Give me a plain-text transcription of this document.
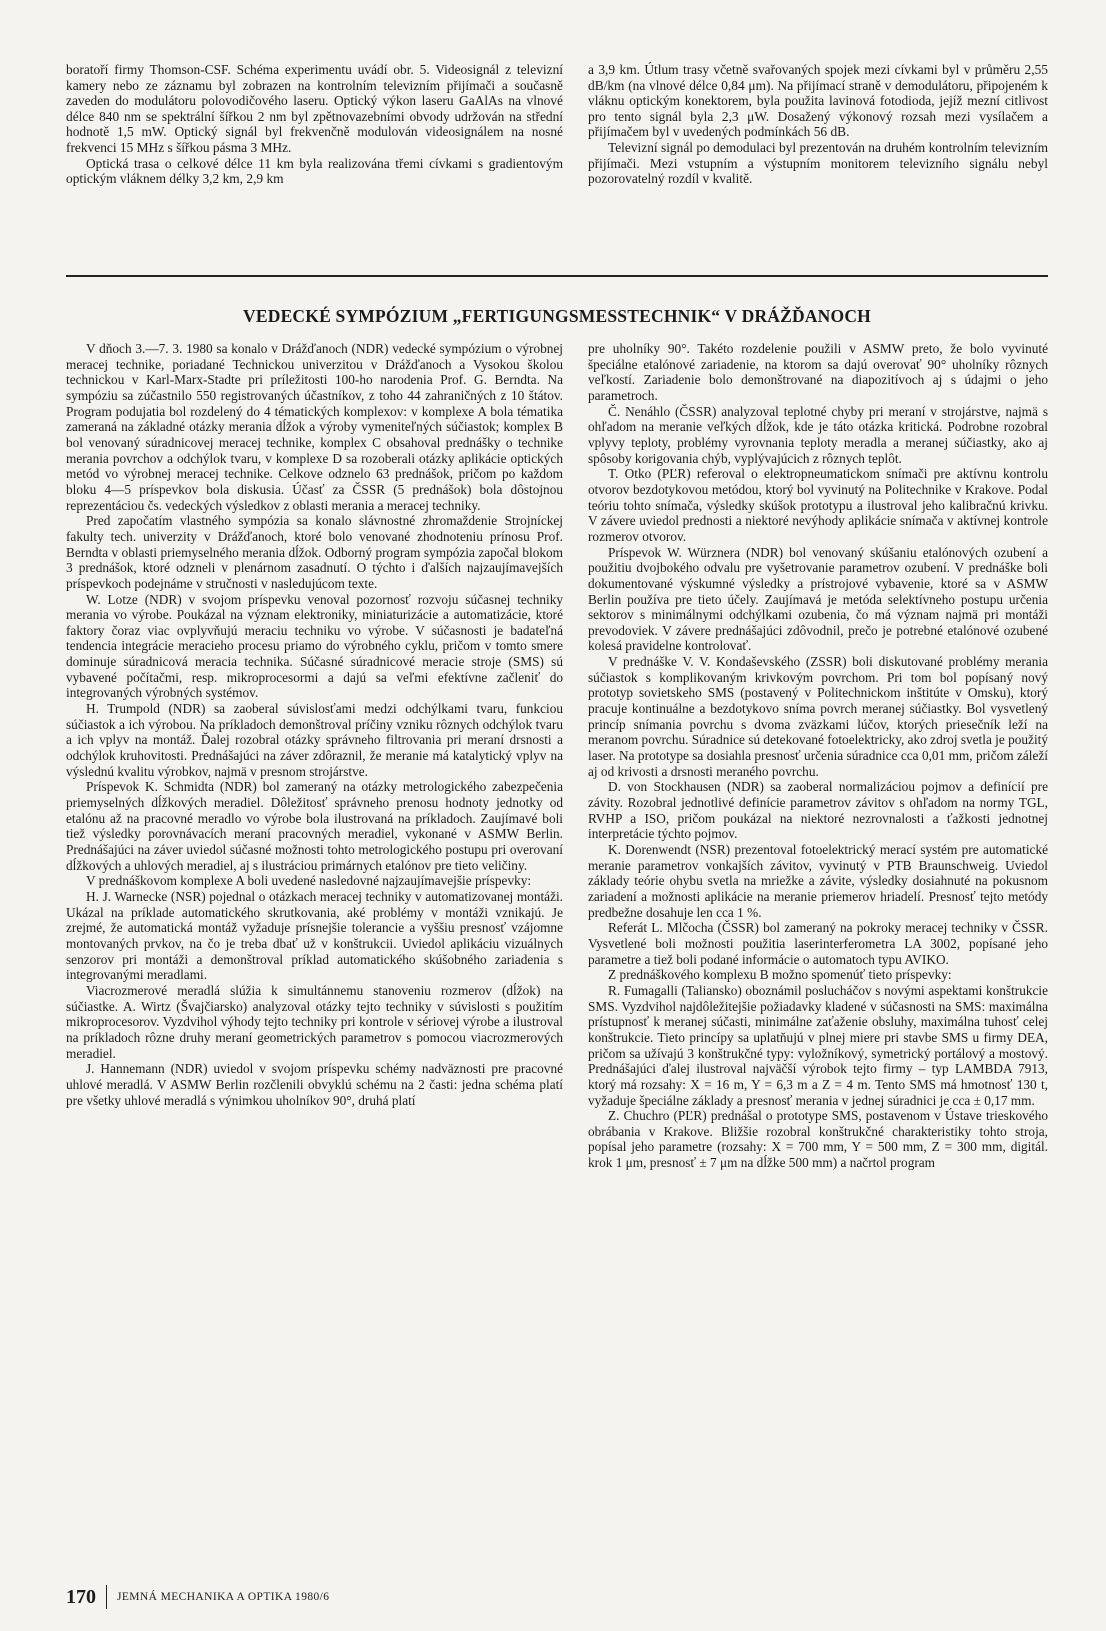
boratoří firmy Thomson-CSF. Schéma experimentu uvádí obr. 5. Videosignál z televizní kamery nebo ze záznamu byl zobrazen na kontrolním televizním přijímači a současně zaveden do modulátoru polovodičového laseru. Optický výkon laseru GaAlAs na vlnové délce 840 nm se spektrální šířkou 2 nm byl zpětnovazebními obvody udržován na střední hodnotě 1,5 mW. Optický signál byl frekvenčně modulován videosignálem na nosné frekvenci 15 MHz s šířkou pásma 3 MHz.

Optická trasa o celkové délce 11 km byla realizována třemi cívkami s gradientovým optickým vláknem délky 3,2 km, 2,9 km

a 3,9 km. Útlum trasy včetně svařovaných spojek mezi cívkami byl v průměru 2,55 dB/km (na vlnové délce 0,84 μm). Na přijímací straně v demodulátoru, připojeném k vláknu optickým konektorem, byla použita lavinová fotodioda, jejíž mezní citlivost pro tento signál byla 2,3 μW. Dosažený výkonový rozsah mezi vysílačem a přijímačem byl v uvedených podmínkách 56 dB.

Televizní signál po demodulaci byl prezentován na druhém kontrolním televizním přijímači. Mezi vstupním a výstupním monitorem televizního signálu nebyl pozorovatelný rozdíl v kvalitě.

VEDECKÉ SYMPÓZIUM „FERTIGUNGSMESSTECHNIK“ V DRÁŽĎANOCH

V dňoch 3.—7. 3. 1980 sa konalo v Drážďanoch (NDR) vedecké sympózium o výrobnej meracej technike, poriadané Technickou univerzitou v Drážďanoch a Vysokou školou technickou v Karl-Marx-Stadte pri príležitosti 100-ho narodenia Prof. G. Berndta. Na sympóziu sa zúčastnilo 550 registrovaných účastníkov, z toho 44 zahraničných z 10 štátov. Program podujatia bol rozdelený do 4 tématických komplexov: v komplexe A bola tématika zameraná na základné otázky merania dĺžok a výroby vymeniteľných súčiastok; komplex B bol venovaný súradnicovej meracej technike, komplex C obsahoval prednášky o technike merania povrchov a odchýlok tvaru, v komplexe D sa rozoberali otázky aplikácie optických metód vo výrobnej meracej technike. Celkove odznelo 63 prednášok, pričom po každom bloku 4—5 príspevkov bola diskusia. Účasť za ČSSR (5 prednášok) bola dôstojnou reprezentáciou čs. vedeckých výsledkov z oblasti merania a meracej techniky.

Pred započatím vlastného sympózia sa konalo slávnostné zhromaždenie Strojníckej fakulty tech. univerzity v Drážďanoch, ktoré bolo venované zhodnoteniu prínosu Prof. Berndta v oblasti priemyselného merania dĺžok. Odborný program sympózia započal blokom 3 prednášok, ktoré odzneli v plenárnom zasadnutí. O týchto i ďalších najzaujímavejších príspevkoch podejnáme v stručnosti v nasledujúcom texte.

W. Lotze (NDR) v svojom príspevku venoval pozornosť rozvoju súčasnej techniky merania vo výrobe. Poukázal na význam elektroniky, miniaturizácie a automatizácie, ktoré faktory čoraz viac ovplyvňujú meraciu techniku vo výrobe. V súčasnosti je badateľná tendencia integrácie meracieho procesu priamo do výrobného cyklu, pričom v tomto smere dominuje súradnicová meracia technika. Súčasné súradnicové meracie stroje (SMS) sú vybavené počítačmi, resp. mikroprocesormi a dajú sa veľmi efektívne začleniť do integrovaných výrobných systémov.

H. Trumpold (NDR) sa zaoberal súvislosťami medzi odchýlkami tvaru, funkciou súčiastok a ich výrobou. Na príkladoch demonštroval príčiny vzniku rôznych odchýlok tvaru a ich vplyv na montáž. Ďalej rozobral otázky správneho filtrovania pri meraní drsnosti a odchýlok kruhovitosti. Prednášajúci na záver zdôraznil, že meranie má katalytický vplyv na výslednú kvalitu výrobkov, najmä v presnom strojárstve.

Príspevok K. Schmidta (NDR) bol zameraný na otázky metrologického zabezpečenia priemyselných dĺžkových meradiel. Dôležitosť správneho prenosu hodnoty jednotky od etalónu až na pracovné meradlo vo výrobe bola ilustrovaná na príkladoch. Zaujímavé boli tiež výsledky porovnávacích meraní pracovných meradiel, vykonané v ASMW Berlin. Prednášajúci na záver uviedol súčasné možnosti tohto metrologického postupu pri overovaní dĺžkových a uhlových meradiel, aj s ilustráciou primárnych etalónov pre tieto veličiny.

V prednáškovom komplexe A boli uvedené nasledovné najzaujímavejšie príspevky:

H. J. Warnecke (NSR) pojednal o otázkach meracej techniky v automatizovanej montáži. Ukázal na príklade automatického skrutkovania, aké problémy v montáži vznikajú. Je zrejmé, že automatická montáž vyžaduje prísnejšie tolerancie a vyššiu presnosť vzájomne montovaných prvkov, na čo je treba dbať už v konštrukcii. Uviedol aplikáciu vizuálnych senzorov pri montáži a demonštroval príklad automatického skúšobného zariadenia s integrovanými meradlami.

Viacrozmerové meradlá slúžia k simultánnemu stanoveniu rozmerov (dĺžok) na súčiastke. A. Wirtz (Švajčiarsko) analyzoval otázky tejto techniky v súvislosti s použitím mikroprocesorov. Vyzdvihol výhody tejto techniky pri kontrole v sériovej výrobe a ilustroval na príkladoch rôzne druhy meraní geometrických parametrov s pomocou viacrozmerových meradiel.

J. Hannemann (NDR) uviedol v svojom príspevku schémy nadväznosti pre pracovné uhlové meradlá. V ASMW Berlin rozčlenili obvyklú schému na 2 časti: jedna schéma platí pre všetky uhlové meradlá s výnimkou uholníkov 90°, druhá platí

pre uholníky 90°. Takéto rozdelenie použili v ASMW preto, že bolo vyvinuté špeciálne etalónové zariadenie, na ktorom sa dajú overovať 90° uholníky rôznych veľkostí. Zariadenie bolo demonštrované na diapozitívoch aj s údajmi o jeho parametroch.

Č. Nenáhlo (ČSSR) analyzoval teplotné chyby pri meraní v strojárstve, najmä s ohľadom na meranie veľkých dĺžok, kde je táto otázka kritická. Podrobne rozobral vplyvy teploty, problémy vyrovnania teploty meradla a meranej súčiastky, ako aj spôsoby korigovania chýb, vyplývajúcich z rôznych teplôt.

T. Otko (PĽR) referoval o elektropneumatickom snímači pre aktívnu kontrolu otvorov bezdotykovou metódou, ktorý bol vyvinutý na Politechnike v Krakove. Podal teóriu tohto snímača, výsledky skúšok prototypu a ilustroval jeho kalibračnú krivku. V závere uviedol prednosti a niektoré nevýhody aplikácie snímača v aktívnej kontrole rozmerov otvorov.

Príspevok W. Würznera (NDR) bol venovaný skúšaniu etalónových ozubení a použitiu dvojbokého odvalu pre vyšetrovanie parametrov ozubení. V prednáške boli dokumentované výskumné výsledky a prístrojové vybavenie, ktoré sa v ASMW Berlin používa pre tieto účely. Zaujímavá je metóda selektívneho postupu určenia sektorov s minimálnymi odchýlkami ozubenia, čo má význam najmä pri montáži prevodoviek. V závere prednášajúci zdôvodnil, prečo je potrebné etalónové ozubené kolesá pravidelne kontrolovať.

V prednáške V. V. Kondaševského (ZSSR) boli diskutované problémy merania súčiastok s komplikovaným krivkovým povrchom. Pri tom bol popísaný nový prototyp sovietskeho SMS (postavený v Politechnickom inštitúte v Omsku), ktorý pracuje kontinuálne a bezdotykovo sníma povrch meranej súčiastky. Bol vysvetlený princíp snímania povrchu s dvoma zväzkami lúčov, ktorých priesečník leží na meranom povrchu. Súradnice sú detekované fotoelektricky, ako zdroj svetla je použitý laser. Na prototype sa dosiahla presnosť určenia súradnice cca 0,01 mm, pričom záleží aj od krivosti a drsnosti meraného povrchu.

D. von Stockhausen (NDR) sa zaoberal normalizáciou pojmov a definícií pre závity. Rozobral jednotlivé definície parametrov závitov s ohľadom na normy TGL, RVHP a ISO, pričom poukázal na niektoré nezrovnalosti a ťažkosti jednotnej interpretácie týchto pojmov.

K. Dorenwendt (NSR) prezentoval fotoelektrický merací systém pre automatické meranie parametrov vonkajších závitov, vyvinutý v PTB Braunschweig. Uviedol základy teórie ohybu svetla na mriežke a závite, výsledky dosiahnuté na pokusnom zariadení a možnosti aplikácie na meranie priemerov hriadelí. Presnosť tejto metódy predbežne dosahuje len cca 1 %.

Referát L. Mlčocha (ČSSR) bol zameraný na pokroky meracej techniky v ČSSR. Vysvetlené boli možnosti použitia laserinterferometra LA 3002, popísané jeho parametre a tiež boli podané informácie o automatoch typu AVIKO.

Z prednáškového komplexu B možno spomenúť tieto príspevky:

R. Fumagalli (Taliansko) oboznámil poslucháčov s novými aspektami konštrukcie SMS. Vyzdvihol najdôležitejšie požiadavky kladené v súčasnosti na SMS: maximálna prístupnosť k meranej súčasti, minimálne zaťaženie obsluhy, maximálna tuhosť celej konštrukcie. Tieto princípy sa uplatňujú v plnej miere pri stavbe SMS u firmy DEA, pričom sa užívajú 3 konštrukčné typy: vyložníkový, symetrický portálový a mostový. Prednášajúci ďalej ilustroval najväčší výrobok tejto firmy – typ LAMBDA 7913, ktorý má rozsahy: X = 16 m, Y = 6,3 m a Z = 4 m. Tento SMS má hmotnosť 130 t, vyžaduje špeciálne základy a presnosť merania v jednej súradnici je cca ± 0,17 mm.

Z. Chuchro (PĽR) prednášal o prototype SMS, postavenom v Ústave trieskového obrábania v Krakove. Bližšie rozobral konštrukčné charakteristiky tohto stroja, popísal jeho parametre (rozsahy: X = 700 mm, Y = 500 mm, Z = 300 mm, digitál. krok 1 μm, presnosť ± 7 μm na dĺžke 500 mm) a načrtol program

170	JEMNÁ MECHANIKA A OPTIKA 1980/6
